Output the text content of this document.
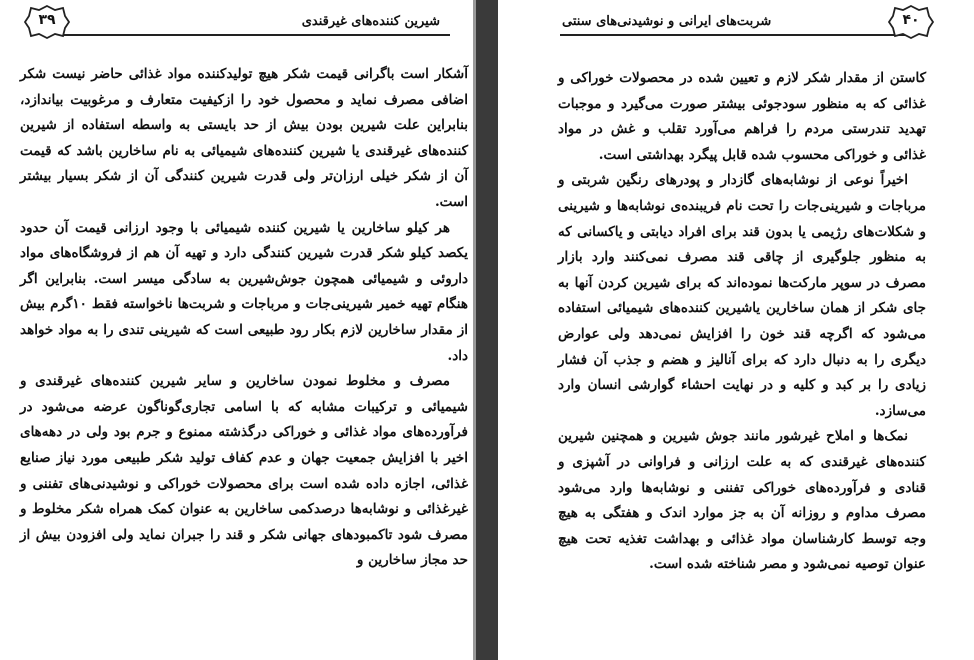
شیرین کننده‌های غیرقندی
۳۹

آشکار است باگرانی قیمت شکر هیچ تولیدکننده مواد غذائی حاضر نیست شکر اضافی مصرف نماید و محصول خود را ازکیفیت متعارف و مرغوبیت بیاندازد، بنابراین علت شیرین بودن بیش از حد بایستی به واسطه استفاده از شیرین کننده‌های غیرقندی یا شیرین کننده‌های شیمیائی به نام ساخارین باشد که قیمت آن از شکر خیلی ارزان‌تر ولی قدرت شیرین کنندگی آن از شکر بسیار بیشتر است.

هر کیلو ساخارین یا شیرین کننده شیمیائی با وجود ارزانی قیمت آن حدود یکصد کیلو شکر قدرت شیرین کنندگی دارد و تهیه آن هم از فروشگاه‌های مواد داروئی و شیمیائی همچون جوش‌شیرین به سادگی میسر است. بنابراین اگر هنگام تهیه خمیر شیرینی‌جات و مرباجات و شربت‌ها ناخواسته فقط ۱۰گرم بیش از مقدار ساخارین لازم بکار رود طبیعی است که شیرینی تندی را به مواد خواهد داد.

مصرف و مخلوط نمودن ساخارین و سایر شیرین کننده‌های غیرقندی و شیمیائی و ترکیبات مشابه که با اسامی تجاری‌گوناگون عرضه می‌شود در فرآورده‌های مواد غذائی و خوراکی درگذشته ممنوع و جرم بود ولی در دهه‌های اخیر با افزایش جمعیت جهان و عدم کفاف تولید شکر طبیعی مورد نیاز صنایع غذائی، اجازه داده شده است برای محصولات خوراکی و نوشیدنی‌های تفننی و غیرغذائی و نوشابه‌ها درصدکمی ساخارین به عنوان کمک همراه شکر مخلوط و مصرف شود تاکمبودهای جهانی شکر و قند را جبران نماید ولی افزودن بیش از حد مجاز ساخارین و

شربت‌های ایرانی و نوشیدنی‌های سنتی	۴۰

کاستن از مقدار شکر لازم و تعیین شده در محصولات خوراکی و غذائی که به منظور سودجوئی بیشتر صورت می‌گیرد و موجبات تهدید تندرستی مردم را فراهم می‌آورد تقلب و غش در مواد غذائی و خوراکی محسوب شده قابل پیگرد بهداشتی است.

اخیراً نوعی از نوشابه‌های گازدار و پودرهای رنگین شربتی و مرباجات و شیرینی‌جات را تحت نام فریبنده‌ی نوشابه‌ها و شیرینی و شکلات‌های رژیمی یا بدون قند برای افراد دیابتی و یاکسانی که به منظور جلوگیری از چاقی قند مصرف نمی‌کنند وارد بازار مصرف در سوپر مارکت‌ها نموده‌اند که برای شیرین کردن آنها به جای شکر از همان ساخارین یاشیرین کننده‌های شیمیائی استفاده می‌شود که اگرچه قند خون را افزایش نمی‌دهد ولی عوارض دیگری را به دنبال دارد که برای آنالیز و هضم و جذب آن فشار زیادی را بر کبد و کلیه و در نهایت احشاء گوارشی انسان وارد می‌سازد.

نمک‌ها و املاح غیرشور مانند جوش شیرین و همچنین شیرین کننده‌های غیرقندی که به علت ارزانی و فراوانی در آشپزی و قنادی و فرآورده‌های خوراکی تفننی و نوشابه‌ها وارد می‌شود مصرف مداوم و روزانه آن به جز موارد اندک و هفتگی به هیچ وجه توسط کارشناسان مواد غذائی و بهداشت تغذیه تحت هیچ عنوان توصیه نمی‌شود و مصر شناخته شده است.
